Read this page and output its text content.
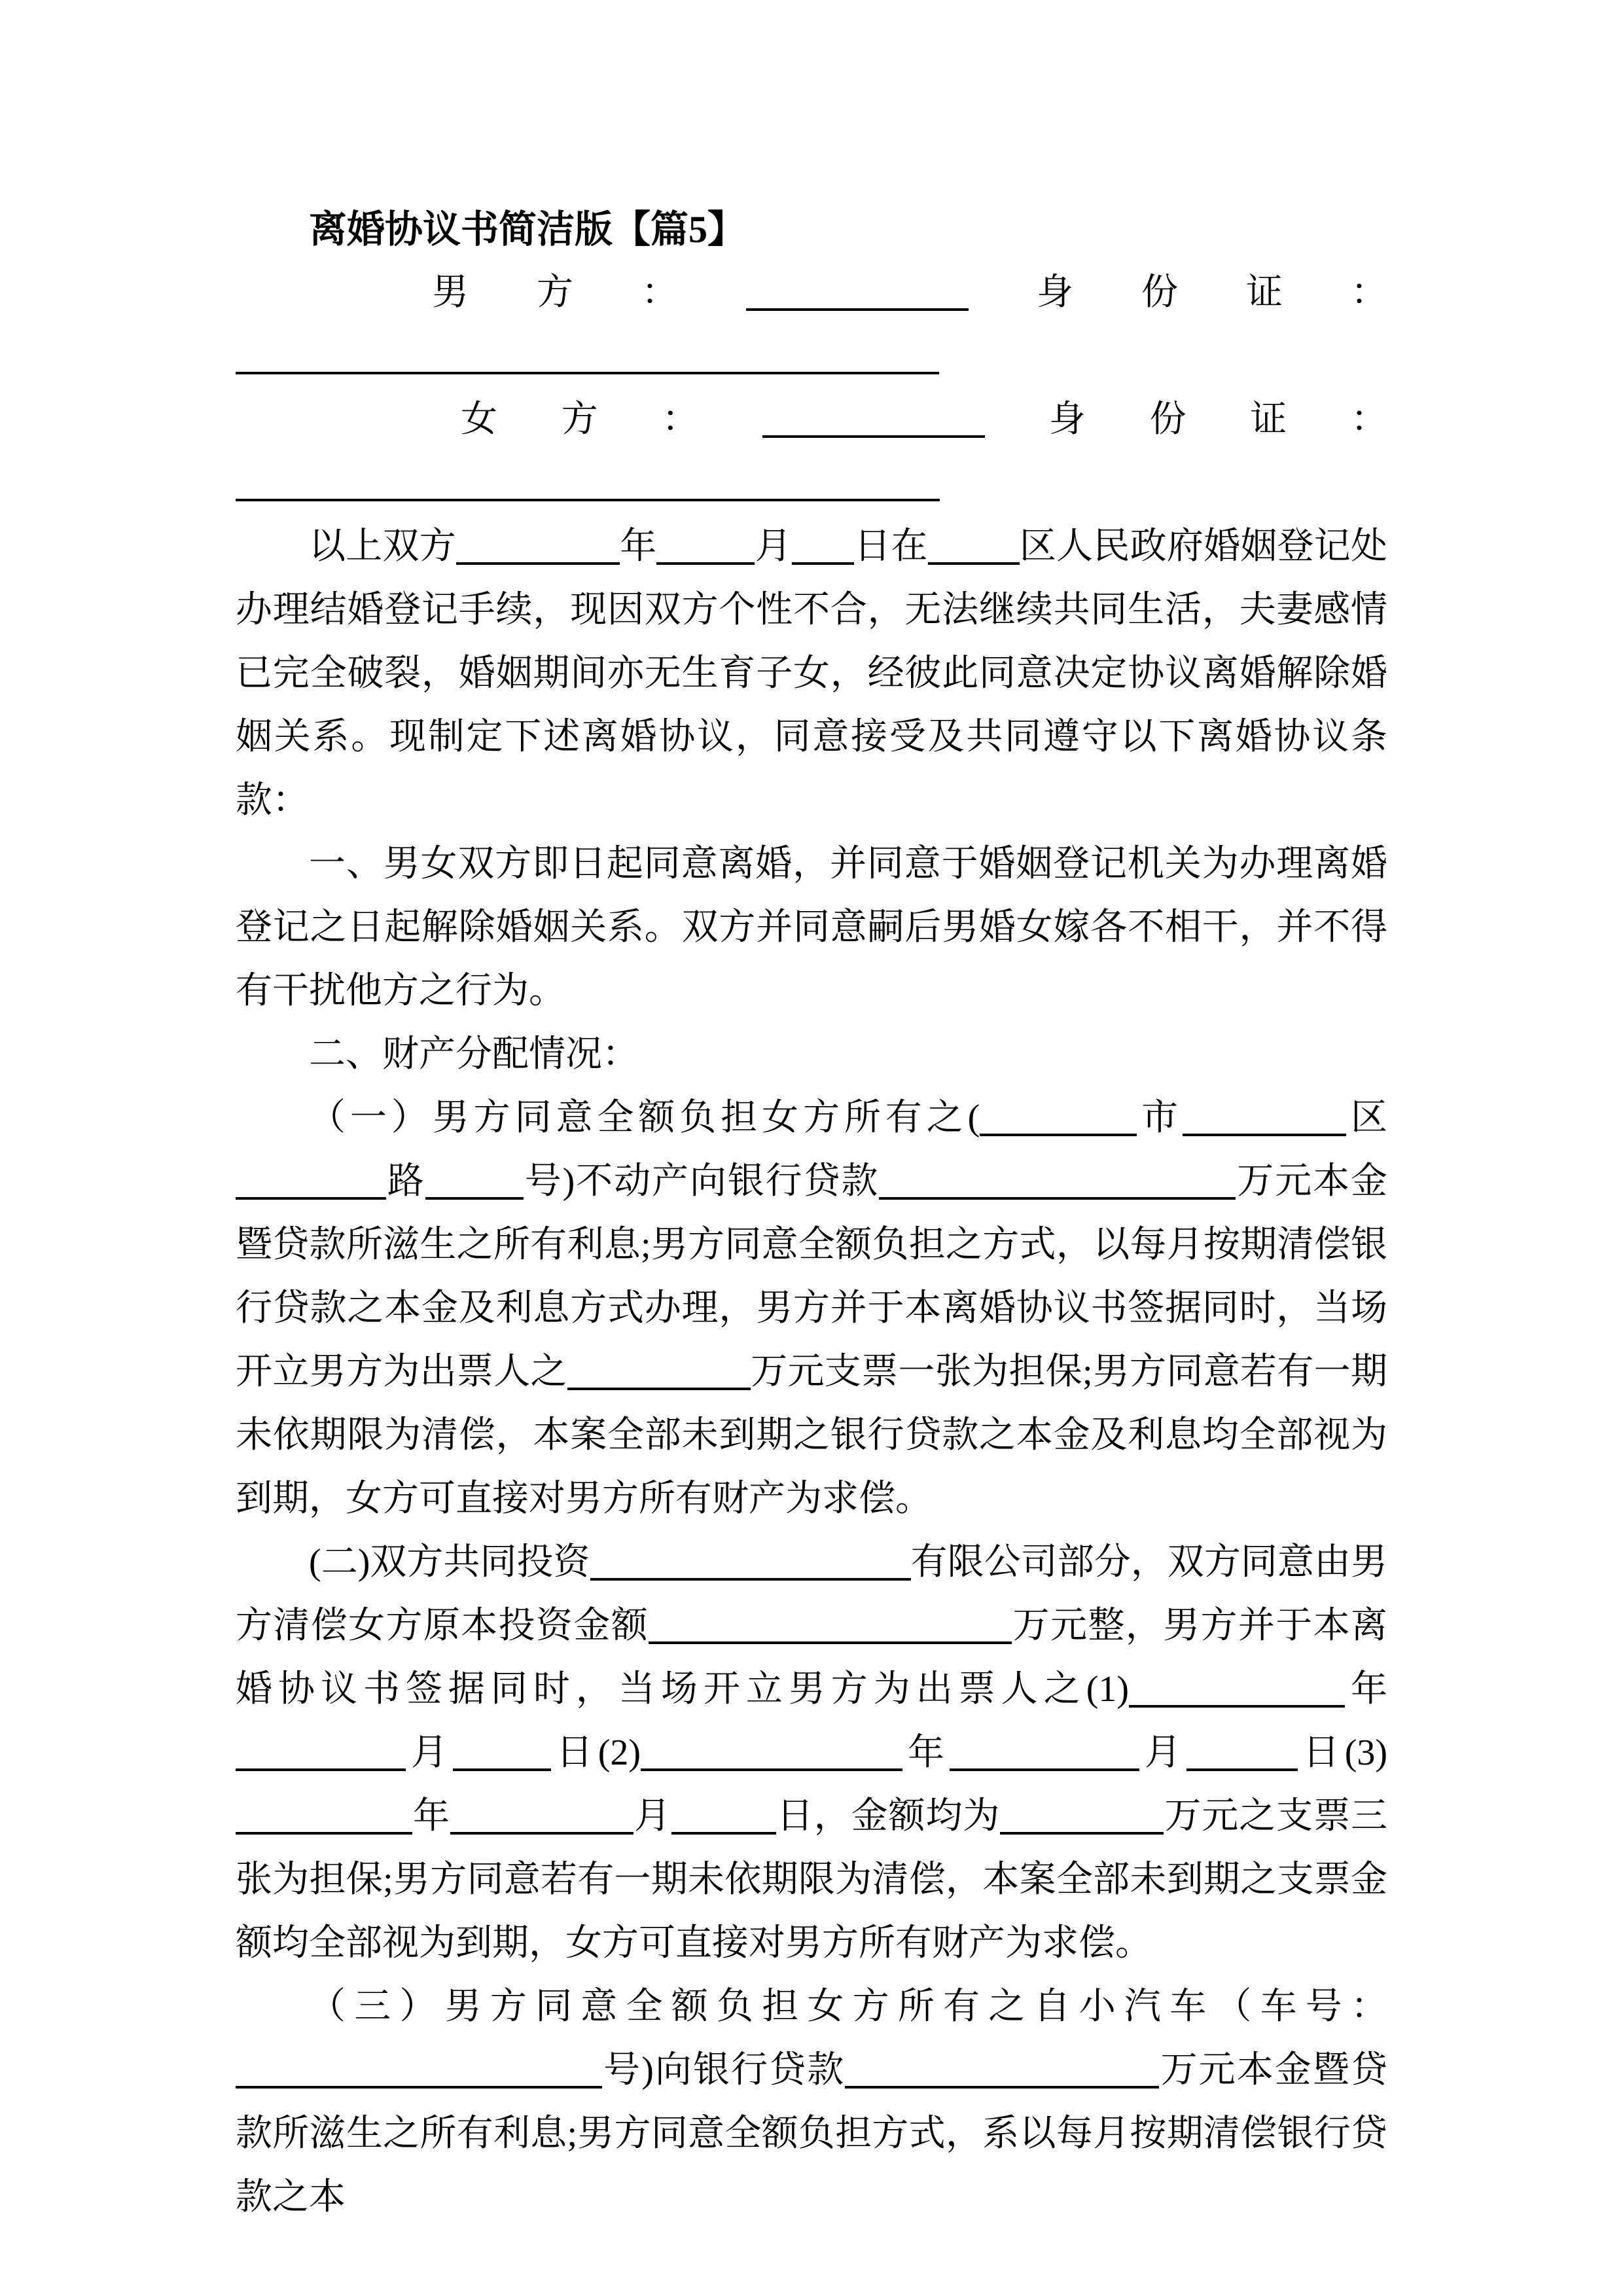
离婚协议书简洁版【篇5】

男方：	身份证：

女方：	身份证：

以上双方	年	月 日在	区人民政府婚姻登记处办理结婚登记手续，现因双方个性不合，无法继续共同生活，夫妻感情已完全破裂，婚姻期间亦无生育子女，经彼此同意决定协议离婚解除婚姻关系。现制定下述离婚协议，同意接受及共同遵守以下离婚协议条款：

一、男女双方即日起同意离婚，并同意于婚姻登记机关为办理离婚登记之日起解除婚姻关系。双方并同意嗣后男婚女嫁各不相干，并不得有干扰他方之行为。

二、财产分配情况：

（一）男方同意全额负担女方所有之(	市	区路	号)不动产向银行贷款	万元本金暨贷款所滋生之所有利息;男方同意全额负担之方式，以每月按期清偿银行贷款之本金及利息方式办理，男方并于本离婚协议书签据同时，当场开立男方为出票人之	万元支票一张为担保;男方同意若有一期未依期限为清偿，本案全部未到期之银行贷款之本金及利息均全部视为到期，女方可直接对男方所有财产为求偿。

(二)双方共同投资	有限公司部分，双方同意由男方清偿女方原本投资金额	万元整，男方并于本离婚协议书签据同时，当场开立男方为出票人之(1)	年月	日(2)	年	月	日(3)年	月	日，金额均为	万元之支票三张为担保;男方同意若有一期未依期限为清偿，本案全部未到期之支票金额均全部视为到期，女方可直接对男方所有财产为求偿。

（三）男方同意全额负担女方所有之自小汽车（车号：号)向银行贷款	万元本金暨贷款所滋生之所有利息;男方同意全额负担方式，系以每月按期清偿银行贷款之本
